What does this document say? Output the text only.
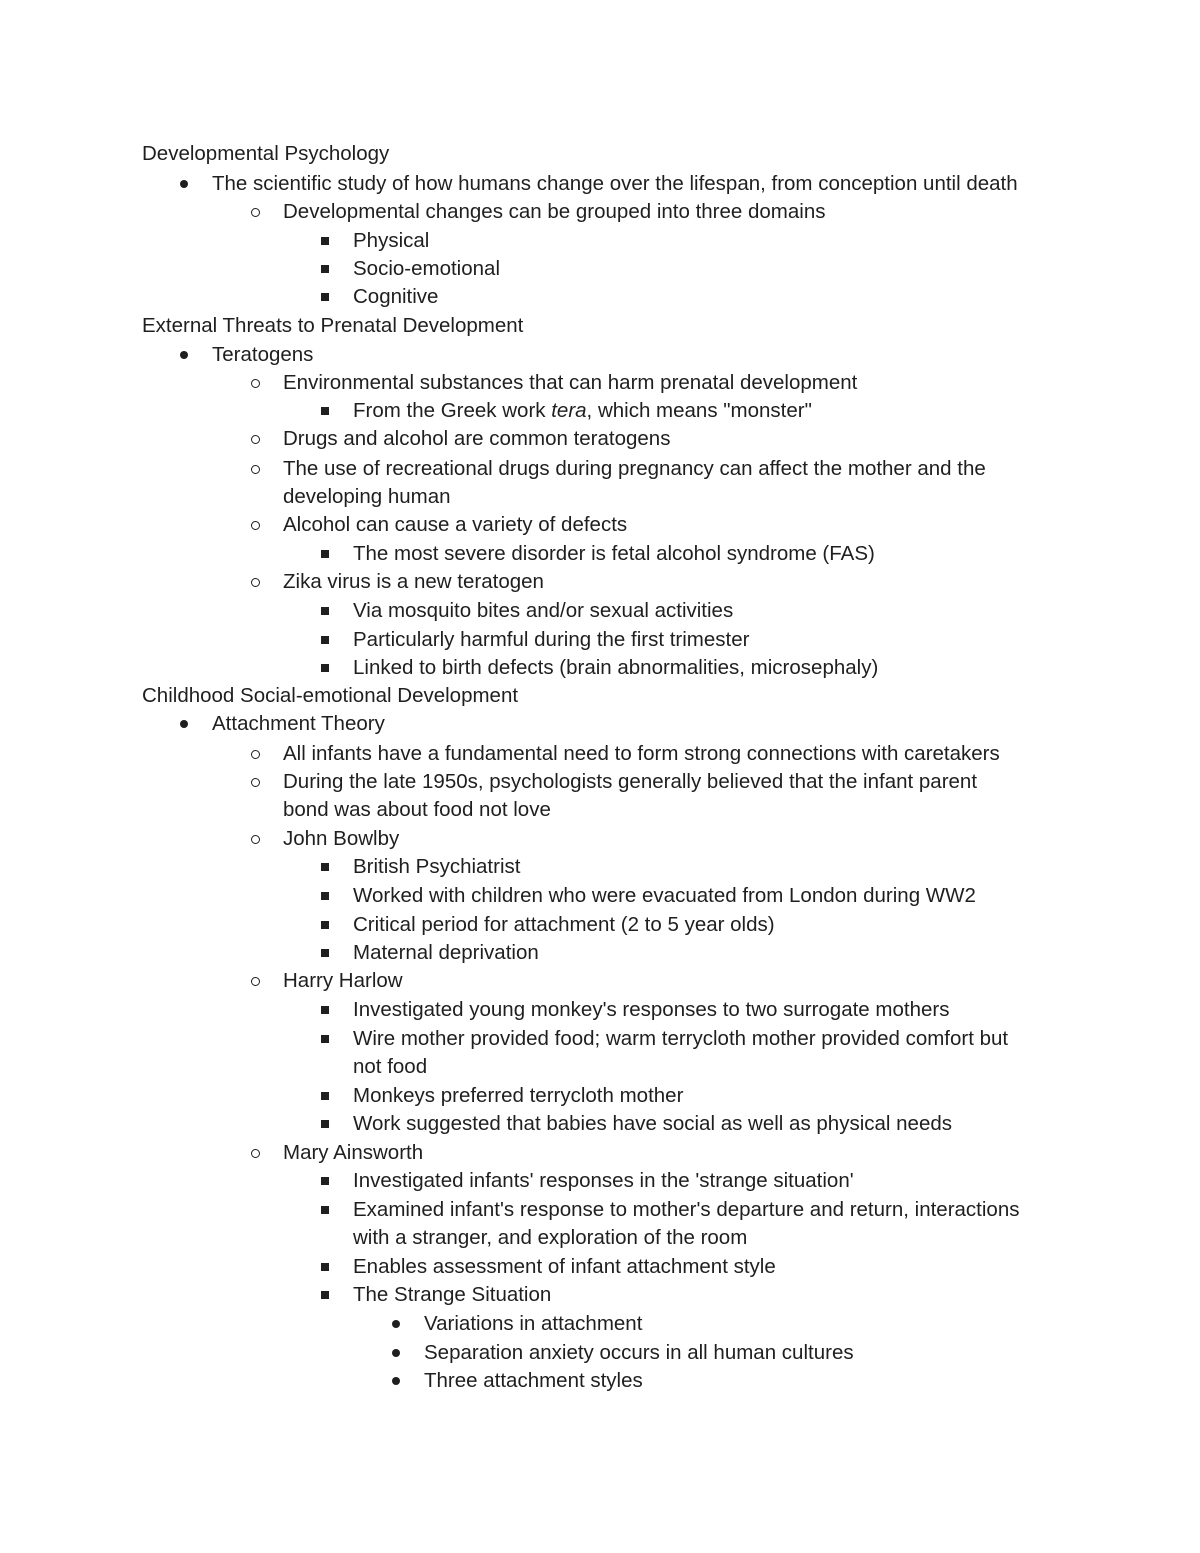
Developmental Psychology
The scientific study of how humans change over the lifespan, from conception until death
Developmental changes can be grouped into three domains
Physical
Socio-emotional
Cognitive
External Threats to Prenatal Development
Teratogens
Environmental substances that can harm prenatal development
From the Greek work tera, which means "monster"
Drugs and alcohol are common teratogens
The use of recreational drugs during pregnancy can affect the mother and the
developing human
Alcohol can cause a variety of defects
The most severe disorder is fetal alcohol syndrome (FAS)
Zika virus is a new teratogen
Via mosquito bites and/or sexual activities
Particularly harmful during the first trimester
Linked to birth defects (brain abnormalities, microsephaly)
Childhood Social-emotional Development
Attachment Theory
All infants have a fundamental need to form strong connections with caretakers
During the late 1950s, psychologists generally believed that the infant parent
bond was about food not love
John Bowlby
British Psychiatrist
Worked with children who were evacuated from London during WW2
Critical period for attachment (2 to 5 year olds)
Maternal deprivation
Harry Harlow
Investigated young monkey's responses to two surrogate mothers
Wire mother provided food; warm terrycloth mother provided comfort but
not food
Monkeys preferred terrycloth mother
Work suggested that babies have social as well as physical needs
Mary Ainsworth
Investigated infants' responses in the 'strange situation'
Examined infant's response to mother's departure and return, interactions
with a stranger, and exploration of the room
Enables assessment of infant attachment style
The Strange Situation
Variations in attachment
Separation anxiety occurs in all human cultures
Three attachment styles
